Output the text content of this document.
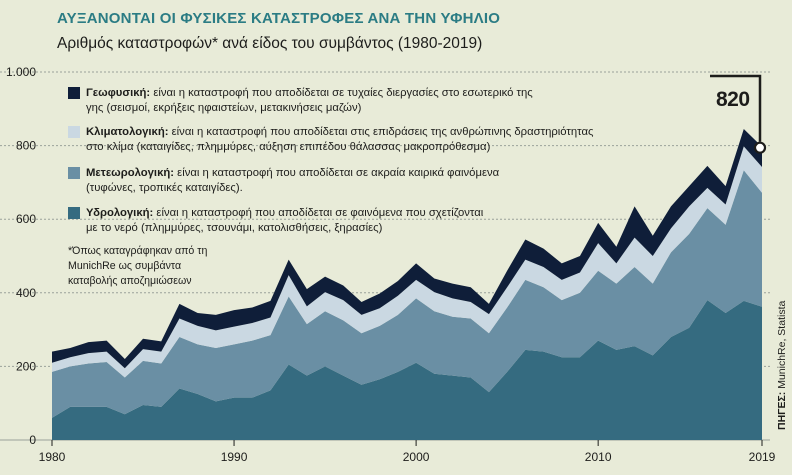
0
200
400
600
800
1.000
1980	1990	2000	2010	2019
ΑΥΞΑΝΟΝΤΑΙ ΟΙ ΦΥΣΙΚΕΣ ΚΑΤΑΣΤΡΟΦΕΣ ΑΝΑ ΤΗΝ ΥΦΗΛΙΟ
Αριθμός καταστροφών* ανά είδος του συμβάντος (1980-2019)
Γεωφυσική: είναι η καταστροφή που αποδίδεται σε τυχαίες διεργασίες στο εσωτερικό της
γης (σεισμοί, εκρήξεις ηφαιστείων, μετακινήσεις μαζών)
Κλιματολογική: είναι η καταστροφή που αποδίδεται στις επιδράσεις της ανθρώπινης δραστηριότητας
στο κλίμα (καταιγίδες, πλημμύρες, αύξηση επιπέδου θάλασσας μακροπρόθεσμα)
Μετεωρολογική: είναι η καταστροφή που αποδίδεται σε ακραία καιρικά φαινόμενα
(τυφώνες, τροπικές καταιγίδες).
Υδρολογική: είναι η καταστροφή που αποδίδεται σε φαινόμενα που σχετίζονται
με το νερό (πλημμύρες, τσουνάμι, κατολισθήσεις, ξηρασίες)
*Όπως καταγράφηκαν από τη MunichRe ως συμβάντα καταβολής αποζημιώσεων
ΠΗΓΕΣ: MunichRe, Statista
820
